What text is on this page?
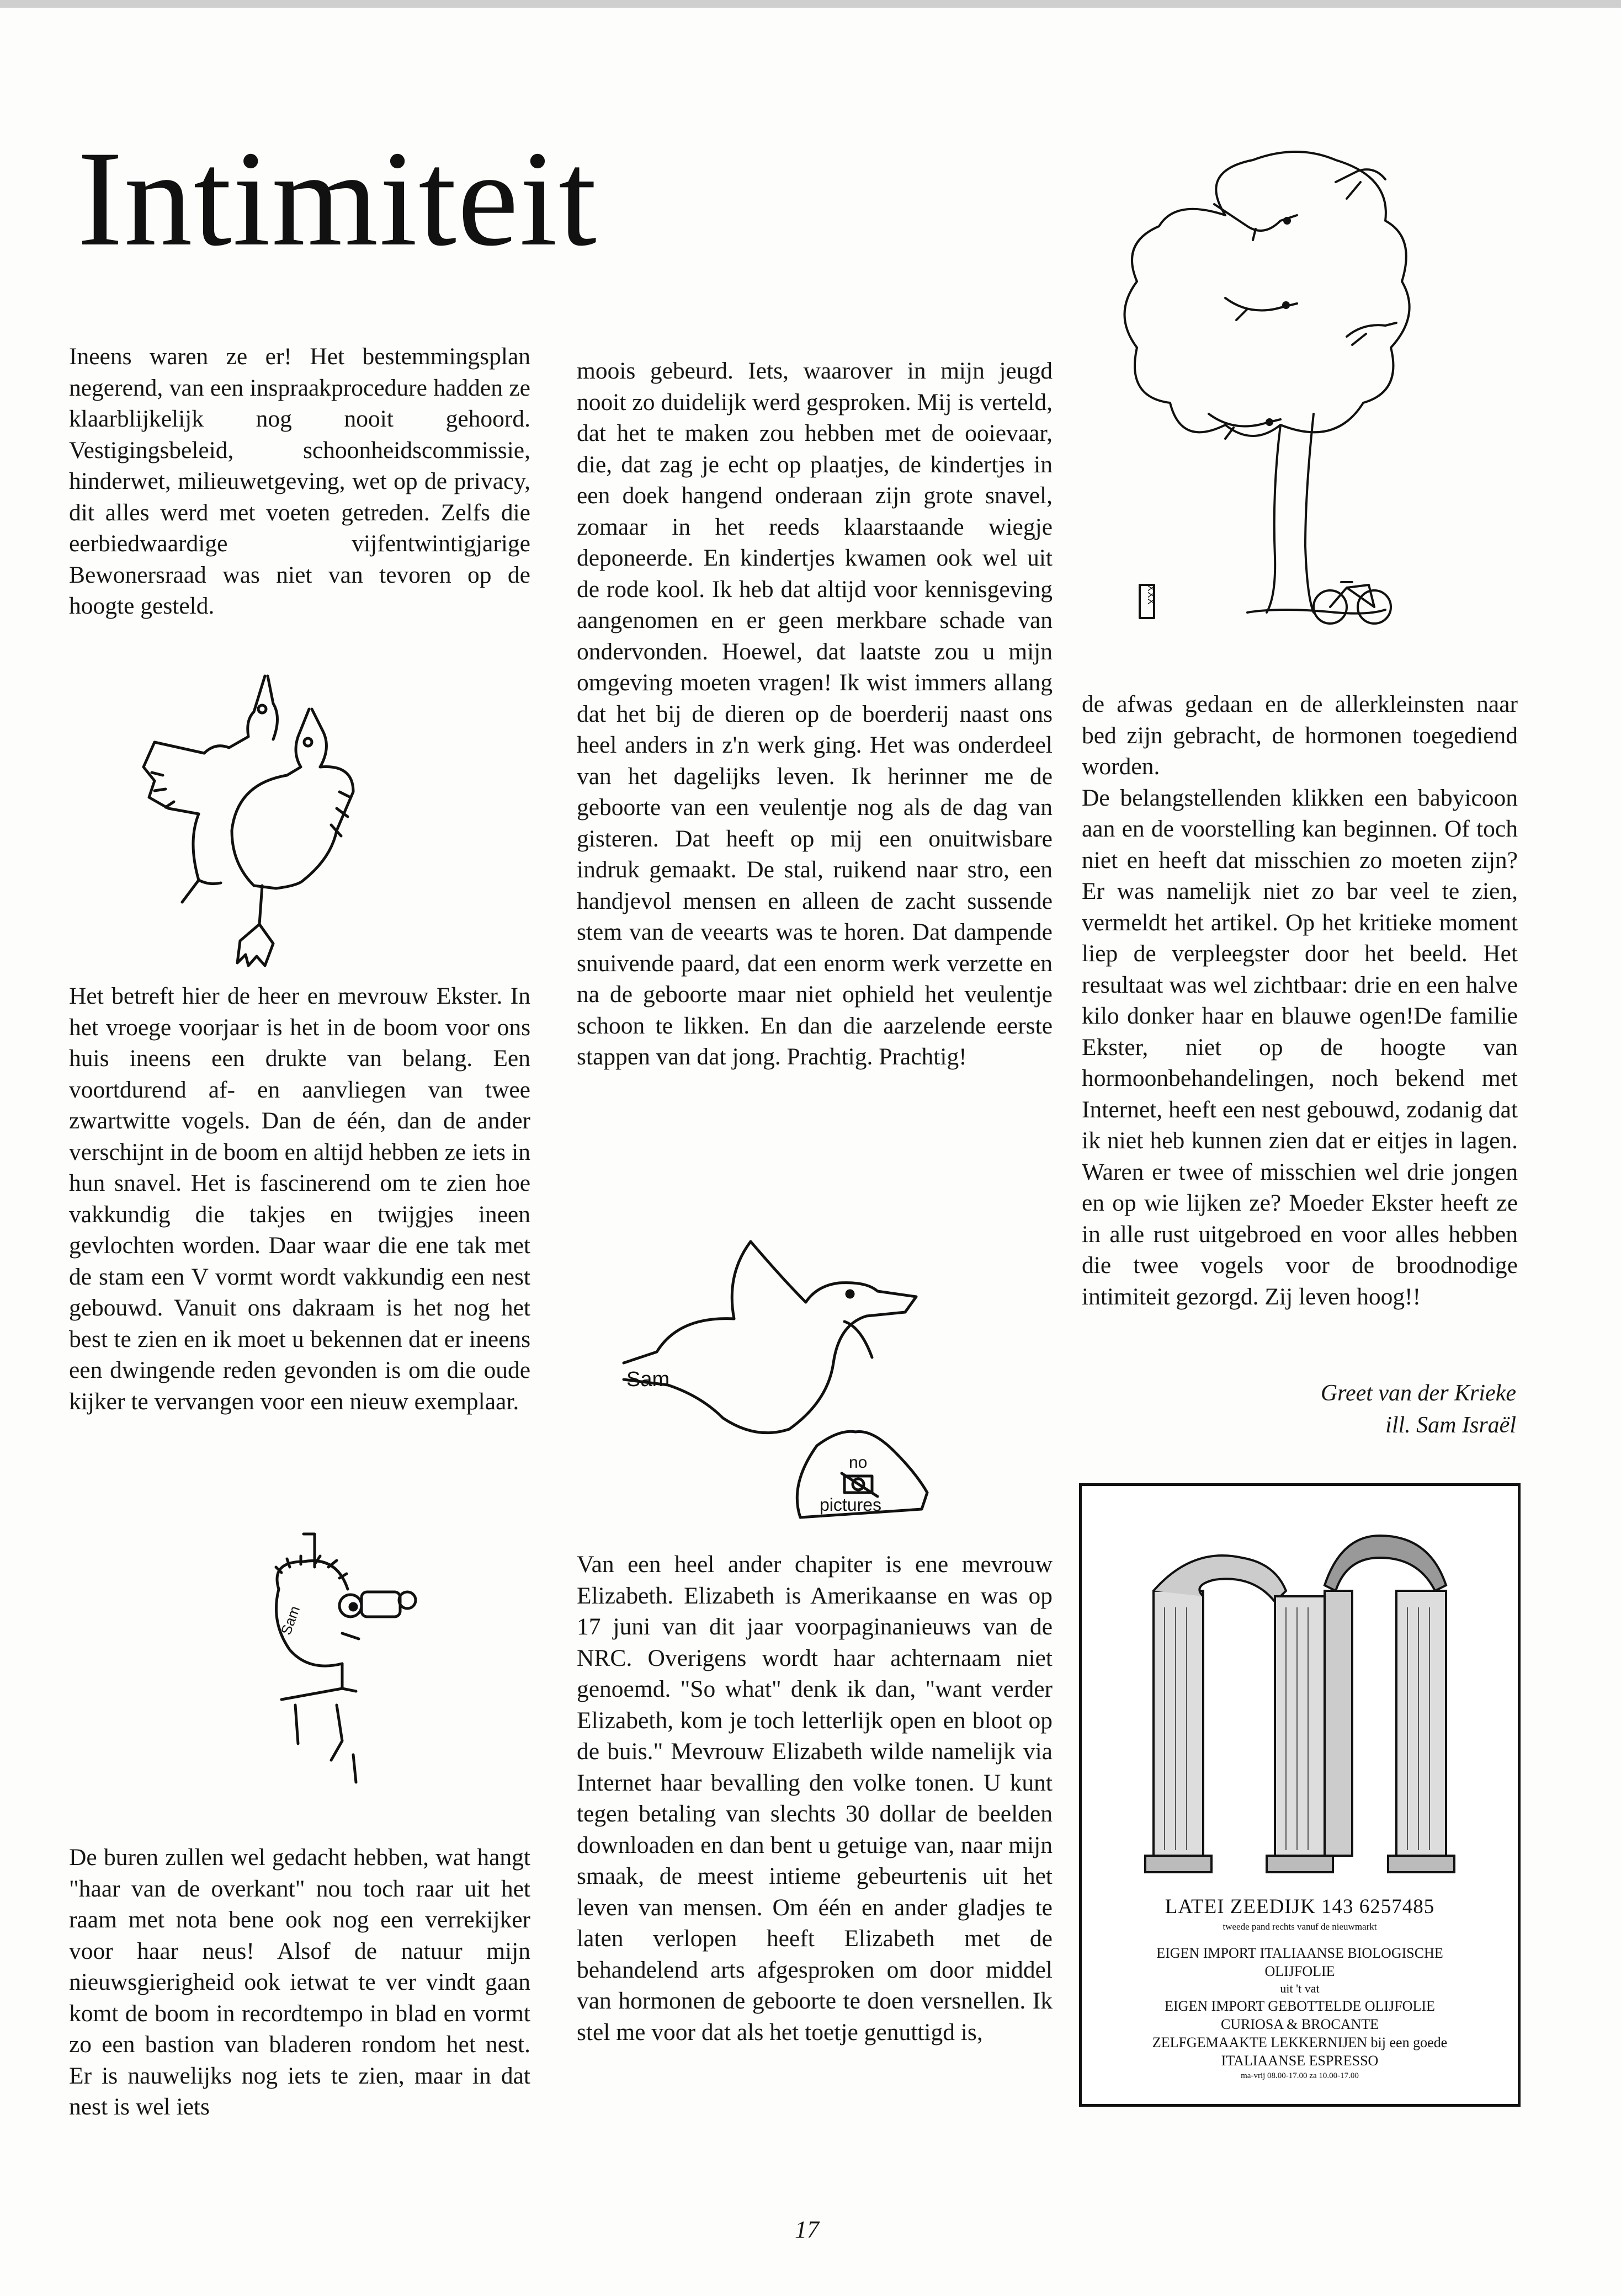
Intimiteit

Ineens waren ze er! Het bestemmingsplan negerend, van een inspraakprocedure hadden ze klaarblijkelijk nog nooit gehoord. Vestigingsbeleid, schoonheidscommissie, hinderwet, milieuwetgeving, wet op de privacy, dit alles werd met voeten getreden. Zelfs die eerbiedwaardige vijfentwintigjarige Bewonersraad was niet van tevoren op de hoogte gesteld.

Het betreft hier de heer en mevrouw Ekster. In het vroege voorjaar is het in de boom voor ons huis ineens een drukte van belang. Een voortdurend af- en aanvliegen van twee zwartwitte vogels. Dan de één, dan de ander verschijnt in de boom en altijd hebben ze iets in hun snavel. Het is fascinerend om te zien hoe vakkundig die takjes en twijgjes ineen gevlochten worden. Daar waar die ene tak met de stam een V vormt wordt vakkundig een nest gebouwd. Vanuit ons dakraam is het nog het best te zien en ik moet u bekennen dat er ineens een dwingende reden gevonden is om die oude kijker te vervangen voor een nieuw exemplaar.

Sam

De buren zullen wel gedacht hebben, wat hangt "haar van de overkant" nou toch raar uit het raam met nota bene ook nog een verrekijker voor haar neus! Alsof de natuur mijn nieuwsgierigheid ook ietwat te ver vindt gaan komt de boom in recordtempo in blad en vormt zo een bastion van bladeren rondom het nest. Er is nauwelijks nog iets te zien, maar in dat nest is wel iets

moois gebeurd. Iets, waarover in mijn jeugd nooit zo duidelijk werd gesproken. Mij is verteld, dat het te maken zou hebben met de ooievaar, die, dat zag je echt op plaatjes, de kindertjes in een doek hangend onderaan zijn grote snavel, zomaar in het reeds klaarstaande wiegje deponeerde. En kindertjes kwamen ook wel uit de rode kool. Ik heb dat altijd voor kennisgeving aangenomen en er geen merkbare schade van ondervonden. Hoewel, dat laatste zou u mijn omgeving moeten vragen! Ik wist immers allang dat het bij de dieren op de boerderij naast ons heel anders in z'n werk ging. Het was onderdeel van het dagelijks leven. Ik herinner me de geboorte van een veulentje nog als de dag van gisteren. Dat heeft op mij een onuitwisbare indruk gemaakt. De stal, ruikend naar stro, een handjevol mensen en alleen de zacht sussende stem van de veearts was te horen. Dat dampende snuivende paard, dat een enorm werk verzette en na de geboorte maar niet ophield het veulentje schoon te likken. En dan die aarzelende eerste stappen van dat jong. Prachtig. Prachtig!

Sam
no
pictures

Van een heel ander chapiter is ene mevrouw Elizabeth. Elizabeth is Amerikaanse en was op 17 juni van dit jaar voorpaginanieuws van de NRC. Overigens wordt haar achternaam niet genoemd. "So what" denk ik dan, "want verder Elizabeth, kom je toch letterlijk open en bloot op de buis." Mevrouw Elizabeth wilde namelijk via Internet haar bevalling den volke tonen. U kunt tegen betaling van slechts 30 dollar de beelden downloaden en dan bent u getuige van, naar mijn smaak, de meest intieme gebeurtenis uit het leven van mensen. Om één en ander gladjes te laten verlopen heeft Elizabeth met de behandelend arts afgesproken om door middel van hormonen de geboorte te doen versnellen. Ik stel me voor dat als het toetje genuttigd is,

XXX

de afwas gedaan en de allerkleinsten naar bed zijn gebracht, de hormonen toegediend worden.

De belangstellenden klikken een babyicoon aan en de voorstelling kan beginnen. Of toch niet en heeft dat misschien zo moeten zijn? Er was namelijk niet zo bar veel te zien, vermeldt het artikel. Op het kritieke moment liep de verpleegster door het beeld. Het resultaat was wel zichtbaar: drie en een halve kilo donker haar en blauwe ogen!De familie Ekster, niet op de hoogte van hormoonbehandelingen, noch bekend met Internet, heeft een nest gebouwd, zodanig dat ik niet heb kunnen zien dat er eitjes in lagen. Waren er twee of misschien wel drie jongen en op wie lijken ze? Moeder Ekster heeft ze in alle rust uitgebroed en voor alles hebben die twee vogels voor de broodnodige intimiteit gezorgd. Zij leven hoog!!

Greet van der Krieke
ill. Sam Israël
LATEI ZEEDIJK 143 6257485
tweede pand rechts vanuf de nieuwmarkt
EIGEN IMPORT ITALIAANSE BIOLOGISCHE
OLIJFOLIE
uit 't vat
EIGEN IMPORT GEBOTTELDE OLIJFOLIE
CURIOSA & BROCANTE
ZELFGEMAAKTE LEKKERNIJEN bij een goede
ITALIAANSE ESPRESSO
ma-vrij 08.00-17.00 za 10.00-17.00
17
